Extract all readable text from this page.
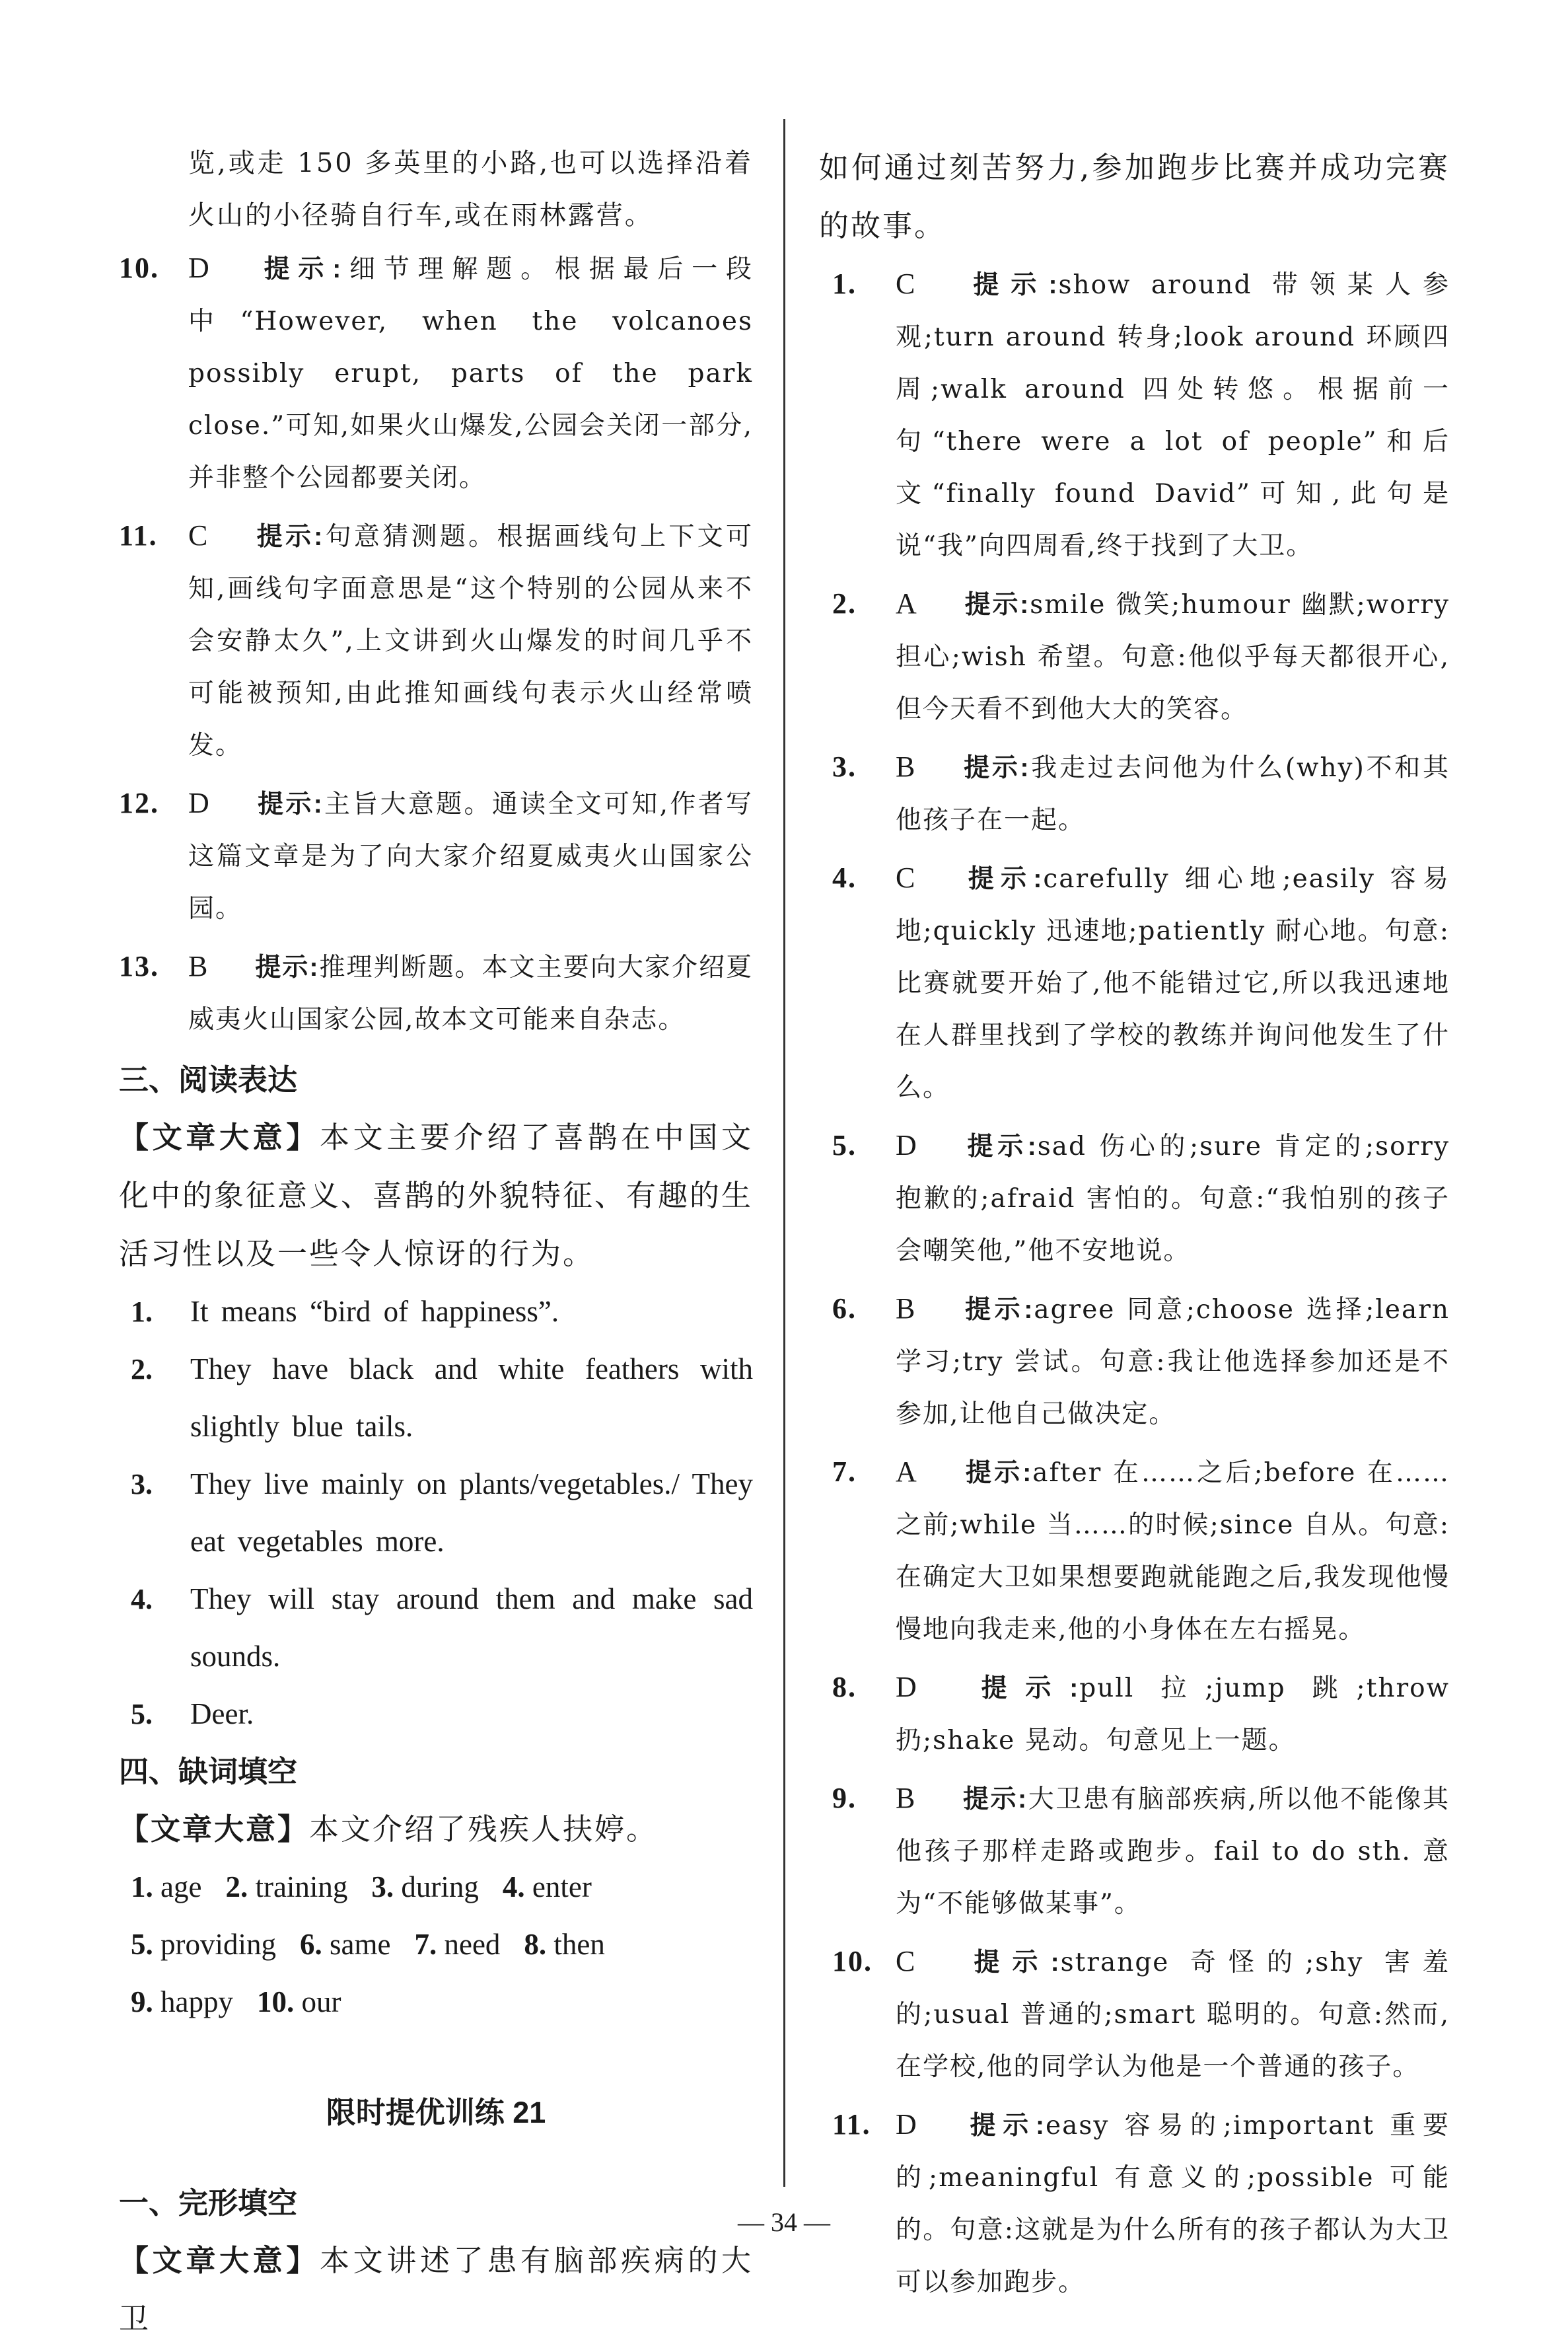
览,或走 150 多英里的小路,也可以选择沿着火山的小径骑自行车,或在雨林露营。
10. D 提示:细节理解题。根据最后一段中“However, when the volcanoes possibly erupt, parts of the park close.”可知,如果火山爆发,公园会关闭一部分,并非整个公园都要关闭。
11. C 提示:句意猜测题。根据画线句上下文可知,画线句字面意思是“这个特别的公园从来不会安静太久”,上文讲到火山爆发的时间几乎不可能被预知,由此推知画线句表示火山经常喷发。
12. D 提示:主旨大意题。通读全文可知,作者写这篇文章是为了向大家介绍夏威夷火山国家公园。
13. B 提示:推理判断题。本文主要向大家介绍夏威夷火山国家公园,故本文可能来自杂志。
三、阅读表达
【文章大意】本文主要介绍了喜鹊在中国文化中的象征意义、喜鹊的外貌特征、有趣的生活习性以及一些令人惊讶的行为。
1. It means “bird of happiness”.
2. They have black and white feathers with slightly blue tails.
3. They live mainly on plants/vegetables./ They eat vegetables more.
4. They will stay around them and make sad sounds.
5. Deer.
四、缺词填空
【文章大意】本文介绍了残疾人扶婷。
1. age 2. training 3. during 4. enter
5. providing 6. same 7. need 8. then
9. happy 10. our
限时提优训练 21
一、完形填空
【文章大意】本文讲述了患有脑部疾病的大卫
如何通过刻苦努力,参加跑步比赛并成功完赛的故事。
1. C 提示:show around 带领某人参观;turn around 转身;look around 环顾四周;walk around 四处转悠。根据前一句“there were a lot of people”和后文“finally found David”可知,此句是说“我”向四周看,终于找到了大卫。
2. A 提示:smile 微笑;humour 幽默;worry 担心;wish 希望。句意:他似乎每天都很开心,但今天看不到他大大的笑容。
3. B 提示:我走过去问他为什么(why)不和其他孩子在一起。
4. C 提示:carefully 细心地;easily 容易地;quickly 迅速地;patiently 耐心地。句意:比赛就要开始了,他不能错过它,所以我迅速地在人群里找到了学校的教练并询问他发生了什么。
5. D 提示:sad 伤心的;sure 肯定的;sorry 抱歉的;afraid 害怕的。句意:“我怕别的孩子会嘲笑他,”他不安地说。
6. B 提示:agree 同意;choose 选择;learn 学习;try 尝试。句意:我让他选择参加还是不参加,让他自己做决定。
7. A 提示:after 在……之后;before 在……之前;while 当……的时候;since 自从。句意:在确定大卫如果想要跑就能跑之后,我发现他慢慢地向我走来,他的小身体在左右摇晃。
8. D 提示:pull 拉;jump 跳;throw 扔;shake 晃动。句意见上一题。
9. B 提示:大卫患有脑部疾病,所以他不能像其他孩子那样走路或跑步。fail to do sth. 意为“不能够做某事”。
10. C 提示:strange 奇怪的;shy 害羞的;usual 普通的;smart 聪明的。句意:然而,在学校,他的同学认为他是一个普通的孩子。
11. D 提示:easy 容易的;important 重要的;meaningful 有意义的;possible 可能的。句意:这就是为什么所有的孩子都认为大卫可以参加跑步。
— 34 —
